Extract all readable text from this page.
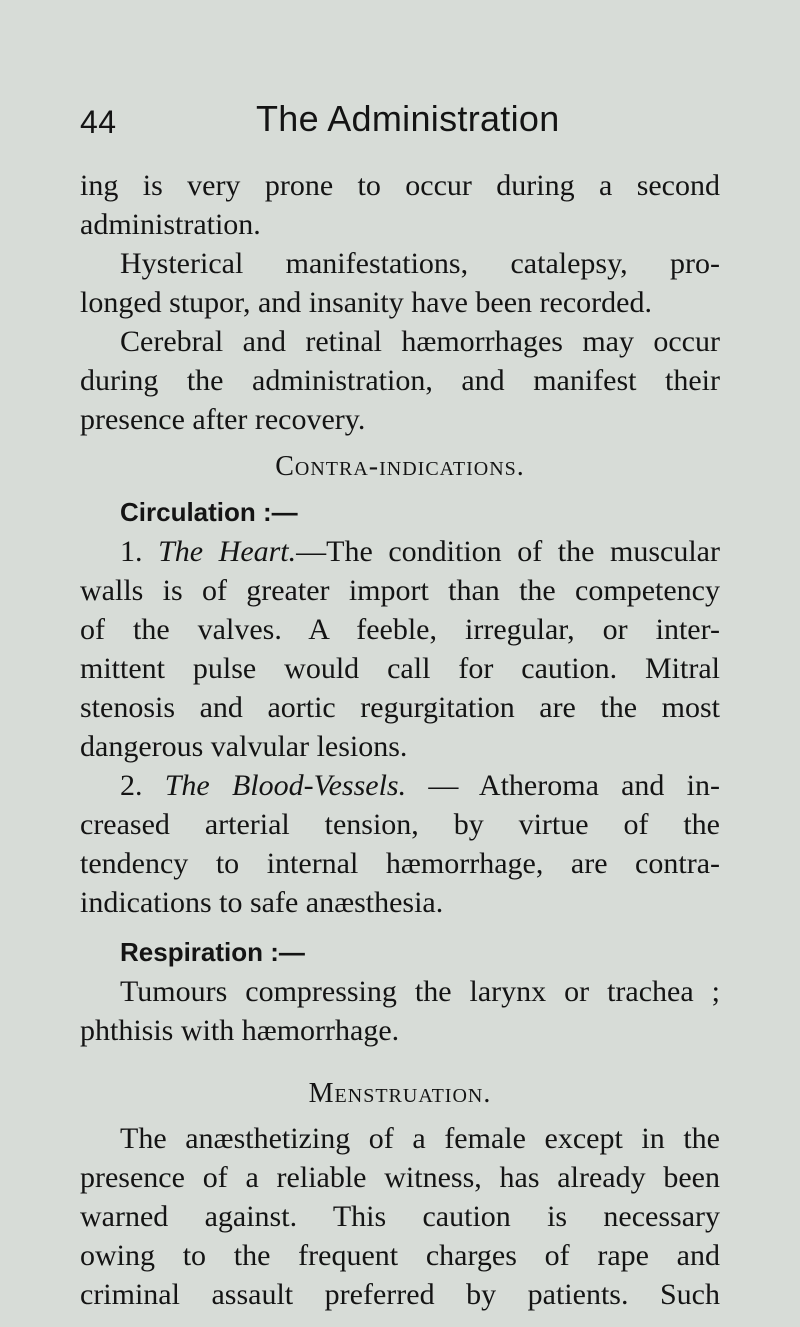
44	The Administration
ing is very prone to occur during a second
administration.
Hysterical manifestations, catalepsy, pro-
longed stupor, and insanity have been recorded.
Cerebral and retinal hæmorrhages may occur
during the administration, and manifest their
presence after recovery.
Contra-indications.
Circulation :—
1. The Heart.—The condition of the muscular
walls is of greater import than the competency
of the valves. A feeble, irregular, or inter-
mittent pulse would call for caution. Mitral
stenosis and aortic regurgitation are the most
dangerous valvular lesions.
2. The Blood-Vessels. — Atheroma and in-
creased arterial tension, by virtue of the
tendency to internal hæmorrhage, are contra-
indications to safe anæsthesia.
Respiration :—
Tumours compressing the larynx or trachea ;
phthisis with hæmorrhage.
Menstruation.
The anæsthetizing of a female except in the
presence of a reliable witness, has already been
warned against. This caution is necessary
owing to the frequent charges of rape and
criminal assault preferred by patients. Such
